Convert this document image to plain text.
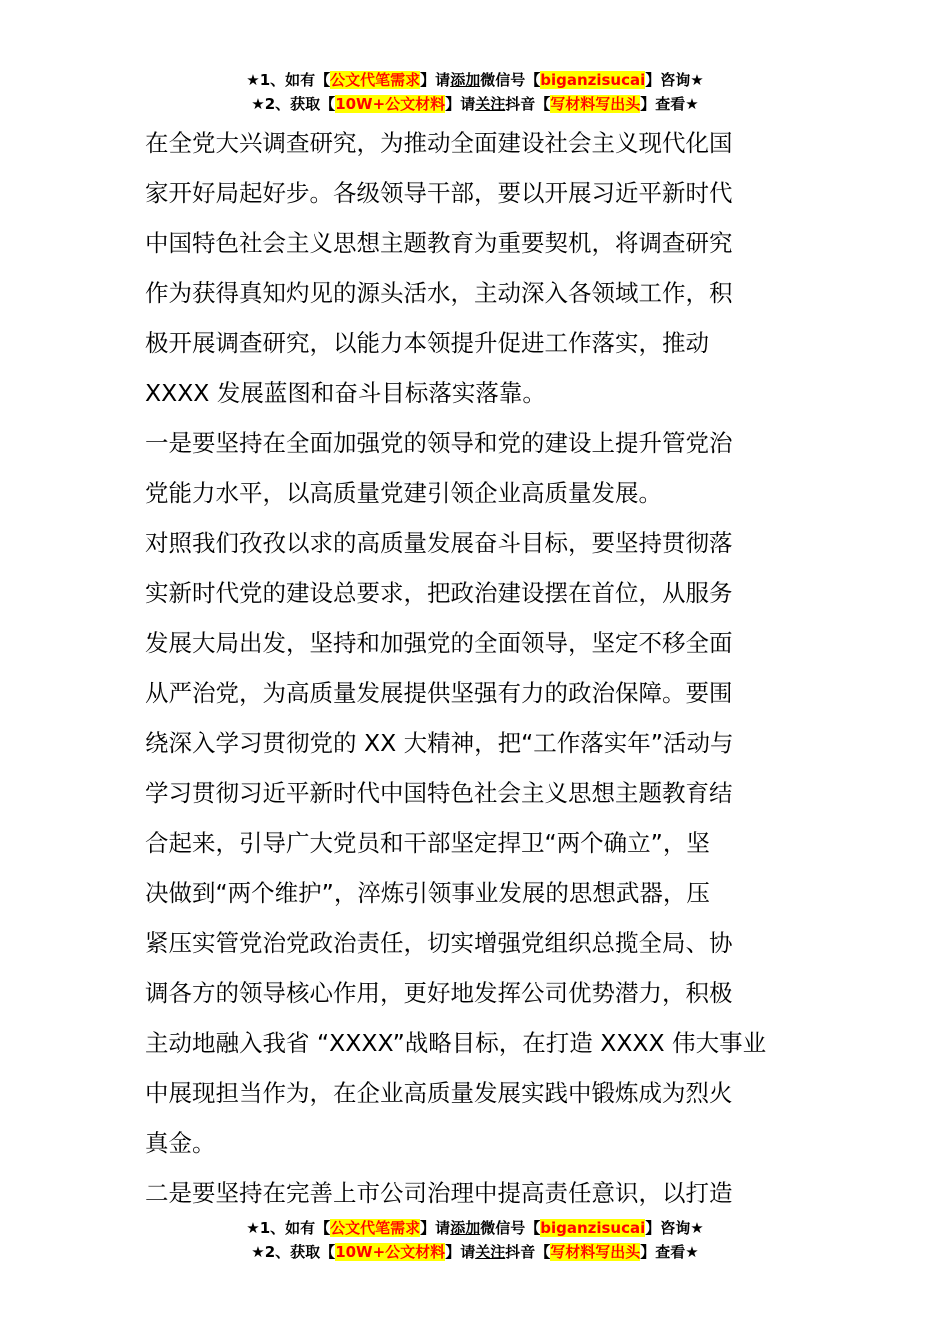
★1、如有【公文代笔需求】请添加微信号【biganzisucai】咨询★
★2、获取【10W+公文材料】请关注抖音【写材料写出头】查看★

在全党大兴调查研究，为推动全面建设社会主义现代化国
家开好局起好步。各级领导干部，要以开展习近平新时代
中国特色社会主义思想主题教育为重要契机，将调查研究
作为获得真知灼见的源头活水，主动深入各领域工作，积
极开展调查研究，以能力本领提升促进工作落实，推动
XXXX 发展蓝图和奋斗目标落实落靠。

一是要坚持在全面加强党的领导和党的建设上提升管党治
党能力水平，以高质量党建引领企业高质量发展。

对照我们孜孜以求的高质量发展奋斗目标，要坚持贯彻落
实新时代党的建设总要求，把政治建设摆在首位，从服务
发展大局出发，坚持和加强党的全面领导，坚定不移全面
从严治党，为高质量发展提供坚强有力的政治保障。要围
绕深入学习贯彻党的 XX 大精神，把“工作落实年”活动与
学习贯彻习近平新时代中国特色社会主义思想主题教育结
合起来，引导广大党员和干部坚定捍卫“两个确立”，坚
决做到“两个维护”，淬炼引领事业发展的思想武器，压
紧压实管党治党政治责任，切实增强党组织总揽全局、协
调各方的领导核心作用，更好地发挥公司优势潜力，积极
主动地融入我省 “XXXX”战略目标，在打造 XXXX 伟大事业
中展现担当作为，在企业高质量发展实践中锻炼成为烈火
真金。

二是要坚持在完善上市公司治理中提高责任意识，以打造

★1、如有【公文代笔需求】请添加微信号【biganzisucai】咨询★
★2、获取【10W+公文材料】请关注抖音【写材料写出头】查看★
